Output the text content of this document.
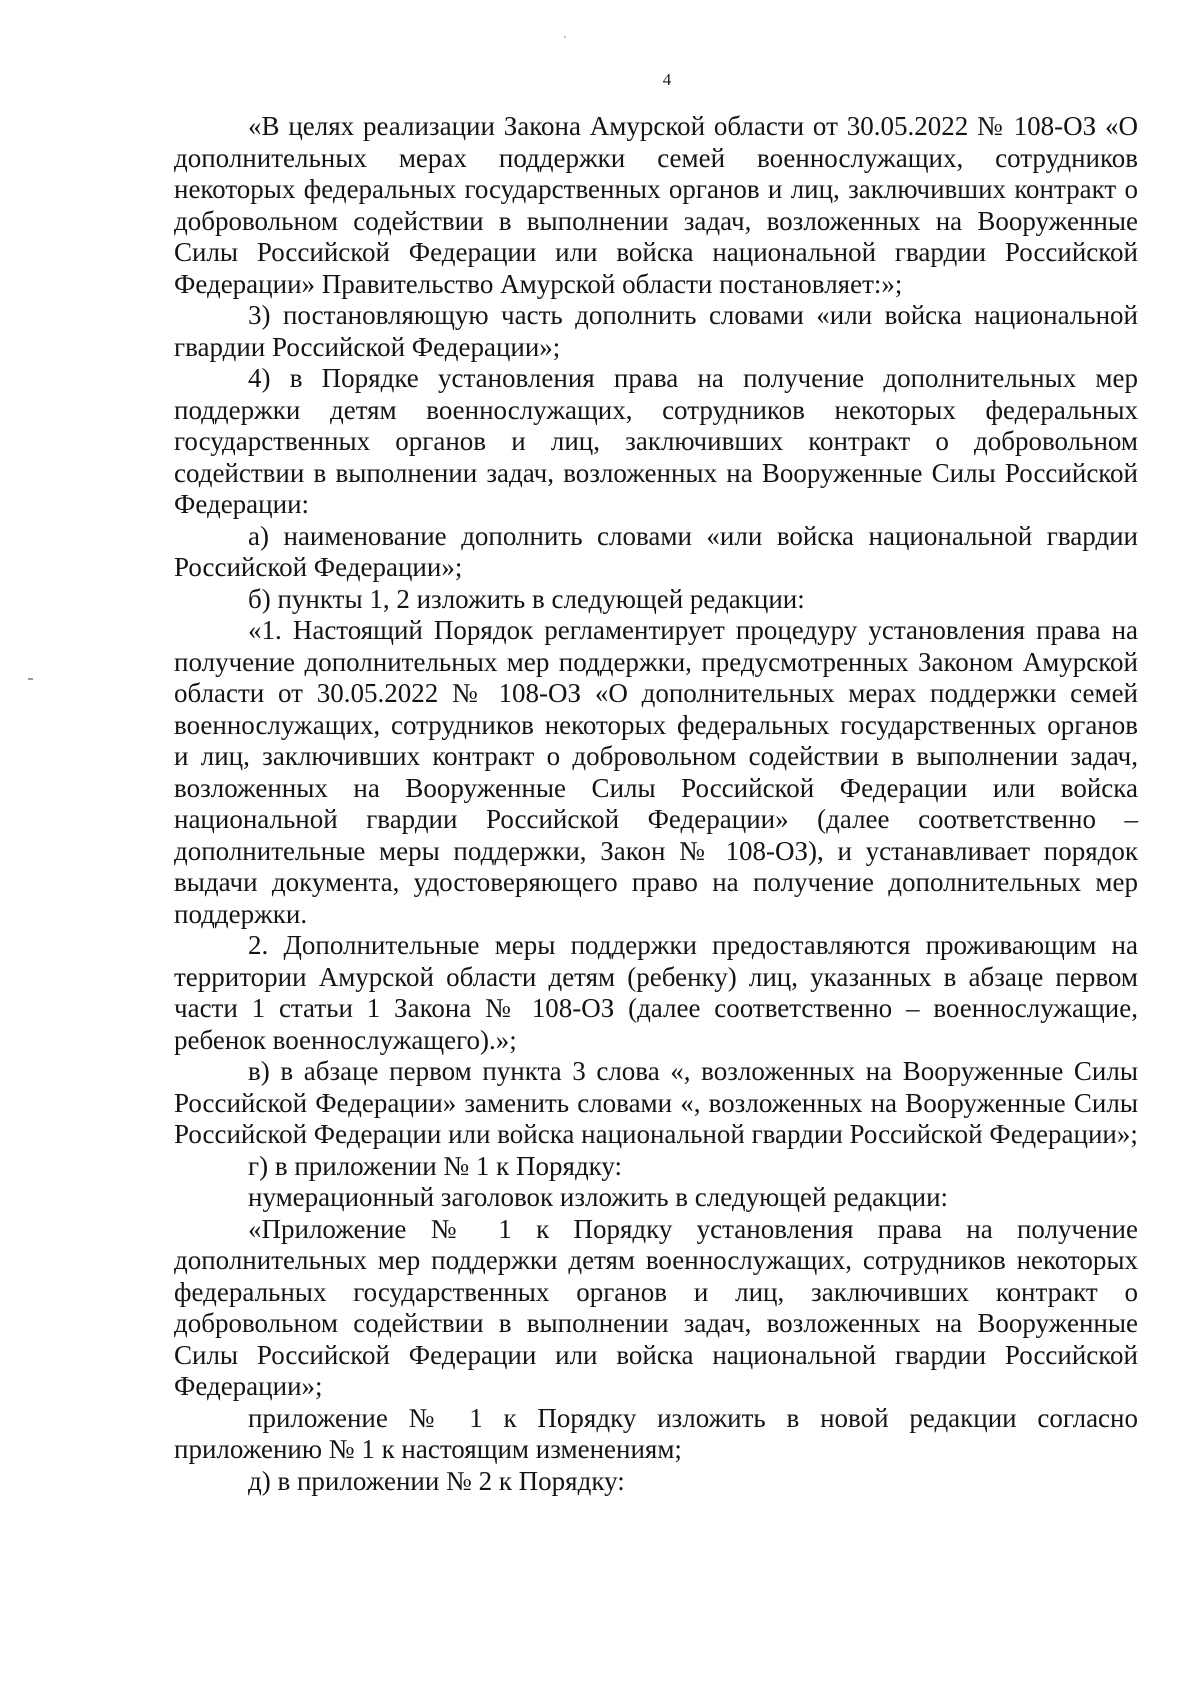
4

«В целях реализации Закона Амурской области от 30.05.2022 № 108-ОЗ «О дополнительных мерах поддержки семей военнослужащих, сотрудников некоторых федеральных государственных органов и лиц, заключивших контракт о добровольном содействии в выполнении задач, возложенных на Вооруженные Силы Российской Федерации или войска национальной гвардии Российской Федерации» Правительство Амурской области постановляет:»;

3) постановляющую часть дополнить словами «или войска национальной гвардии Российской Федерации»;

4) в Порядке установления права на получение дополнительных мер поддержки детям военнослужащих, сотрудников некоторых федеральных государственных органов и лиц, заключивших контракт о добровольном содействии в выполнении задач, возложенных на Вооруженные Силы Российской Федерации:

а) наименование дополнить словами «или войска национальной гвардии Российской Федерации»;

б) пункты 1, 2 изложить в следующей редакции:

«1. Настоящий Порядок регламентирует процедуру установления права на получение дополнительных мер поддержки, предусмотренных Законом Амурской области от 30.05.2022 № 108-ОЗ «О дополнительных мерах поддержки семей военнослужащих, сотрудников некоторых федеральных государственных органов и лиц, заключивших контракт о добровольном содействии в выполнении задач, возложенных на Вооруженные Силы Российской Федерации или войска национальной гвардии Российской Федерации» (далее соответственно – дополнительные меры поддержки, Закон № 108-ОЗ), и устанавливает порядок выдачи документа, удостоверяющего право на получение дополнительных мер поддержки.

2. Дополнительные меры поддержки предоставляются проживающим на территории Амурской области детям (ребенку) лиц, указанных в абзаце первом части 1 статьи 1 Закона № 108-ОЗ (далее соответственно – военнослужащие, ребенок военнослужащего).»;

в) в абзаце первом пункта 3 слова «, возложенных на Вооруженные Силы Российской Федерации» заменить словами «, возложенных на Вооруженные Силы Российской Федерации или войска национальной гвардии Российской Федерации»;

г) в приложении № 1 к Порядку:

нумерационный заголовок изложить в следующей редакции:

«Приложение № 1 к Порядку установления права на получение дополнительных мер поддержки детям военнослужащих, сотрудников некоторых федеральных государственных органов и лиц, заключивших контракт о добровольном содействии в выполнении задач, возложенных на Вооруженные Силы Российской Федерации или войска национальной гвардии Российской Федерации»;

приложение № 1 к Порядку изложить в новой редакции согласно приложению № 1 к настоящим изменениям;

д) в приложении № 2 к Порядку:
